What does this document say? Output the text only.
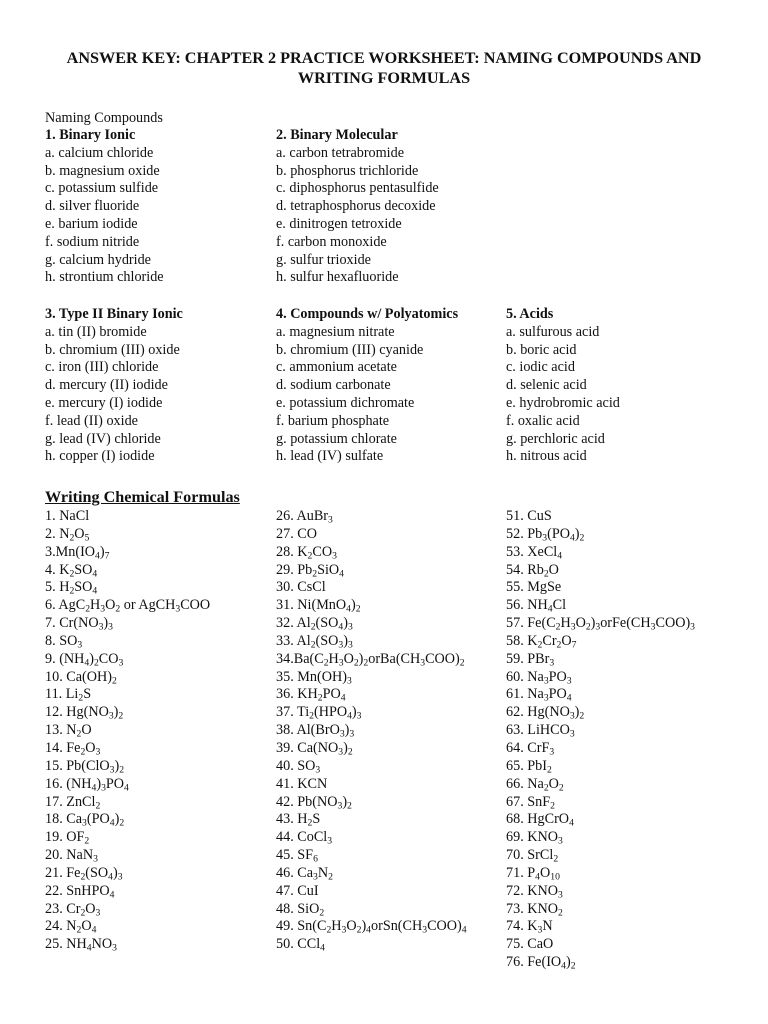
ANSWER KEY: CHAPTER 2 PRACTICE WORKSHEET: NAMING COMPOUNDS AND WRITING FORMULAS

Naming Compounds

1. Binary Ionic
a. calcium chloride
b. magnesium oxide
c. potassium sulfide
d. silver fluoride
e. barium iodide
f. sodium nitride
g. calcium hydride
h. strontium chloride
2. Binary Molecular
a. carbon tetrabromide
b. phosphorus trichloride
c. diphosphorus pentasulfide
d. tetraphosphorus decoxide
e. dinitrogen tetroxide
f. carbon monoxide
g. sulfur trioxide
h. sulfur hexafluoride
3. Type II Binary Ionic
a. tin (II) bromide
b. chromium (III) oxide
c. iron (III) chloride
d. mercury (II) iodide
e. mercury (I) iodide
f. lead (II) oxide
g. lead (IV) chloride
h. copper (I) iodide
4. Compounds w/ Polyatomics
a. magnesium nitrate
b. chromium (III) cyanide
c. ammonium acetate
d. sodium carbonate
e. potassium dichromate
f. barium phosphate
g. potassium chlorate
h. lead (IV) sulfate
5. Acids
a. sulfurous acid
b. boric acid
c. iodic acid
d. selenic acid
e. hydrobromic acid
f. oxalic acid
g. perchloric acid
h. nitrous acid
Writing Chemical Formulas
1. NaCl
2. $N_2O_5$
$3.Mn(IO_4)_7$
4. $K_2SO_4$
5. $H_2SO_4$
6. $AgC_2H_3O_2$ or AgCH$_3$COO
7. $Cr(NO_3)_3$
8. $SO_3$
9. $(NH_4)_2CO_3$
10. $Ca(OH)_2$
11. $Li_2S$
12. $Hg(NO_3)_2$
13. $N_2O$
14. $Fe_2O_3$
15. $Pb(ClO_3)_2$
16. $(NH_4)_3PO_4$
17. ZnCl$_2$
18. $Ca_3(PO_4)_2$
19. $OF_2$
20. NaN$_3$
21. $Fe_2(SO_4)_3$
22. SnHPO$_4$
23. $Cr_2O_3$
24. $N_2O_4$
25. $NH_4NO_3$
26. AuBr$_3$
27. CO
28. $K_2CO_3$
29. $Pb_2SiO_4$
30. CsCl
31. $Ni(MnO_4)_2$
32. $Al_2(SO_4)_3$
33. $Al_2(SO_3)_3$
$34.Ba(C_2H_3O_2)_2orBa(CH_3COO)_2$
35. $Mn(OH)_3$
36. $KH_2PO_4$
37. $Ti_2(HPO_4)_3$
38. $Al(BrO_3)_3$
39. $Ca(NO_3)_2$
40. $SO_3$
41. KCN
42. $Pb(NO_3)_2$
43. $H_2S$
44. CoCl$_3$
45. $SF_6$
46. $Ca_3N_2$
47. CuI
48. SiO$_2$
49. $Sn(C_2H_3O_2)_4orSn(CH_3COO)_4$
50. CCl$_4$
51. CuS
52. $Pb_3(PO_4)_2$
53. XeCl$_4$
54. $Rb_2O$
55. MgSe
56. $NH_4Cl$
57. $Fe(C_2H_3O_2)_3orFe(CH_3COO)_3$
58. $K_2Cr_2O_7$
59. PBr$_3$
60. $Na_3PO_3$
61. $Na_3PO_4$
62. $Hg(NO_3)_2$
63. LiHCO$_3$
64. CrF$_3$
65. PbI$_2$
66. $Na_2O_2$
67. SnF$_2$
68. HgCrO$_4$
69. $KNO_3$
70. SrCl$_2$
71. $P_4O_{10}$
72. $KNO_3$
73. $KNO_2$
74. $K_3N$
75. CaO
76. $Fe(IO_4)_2$
